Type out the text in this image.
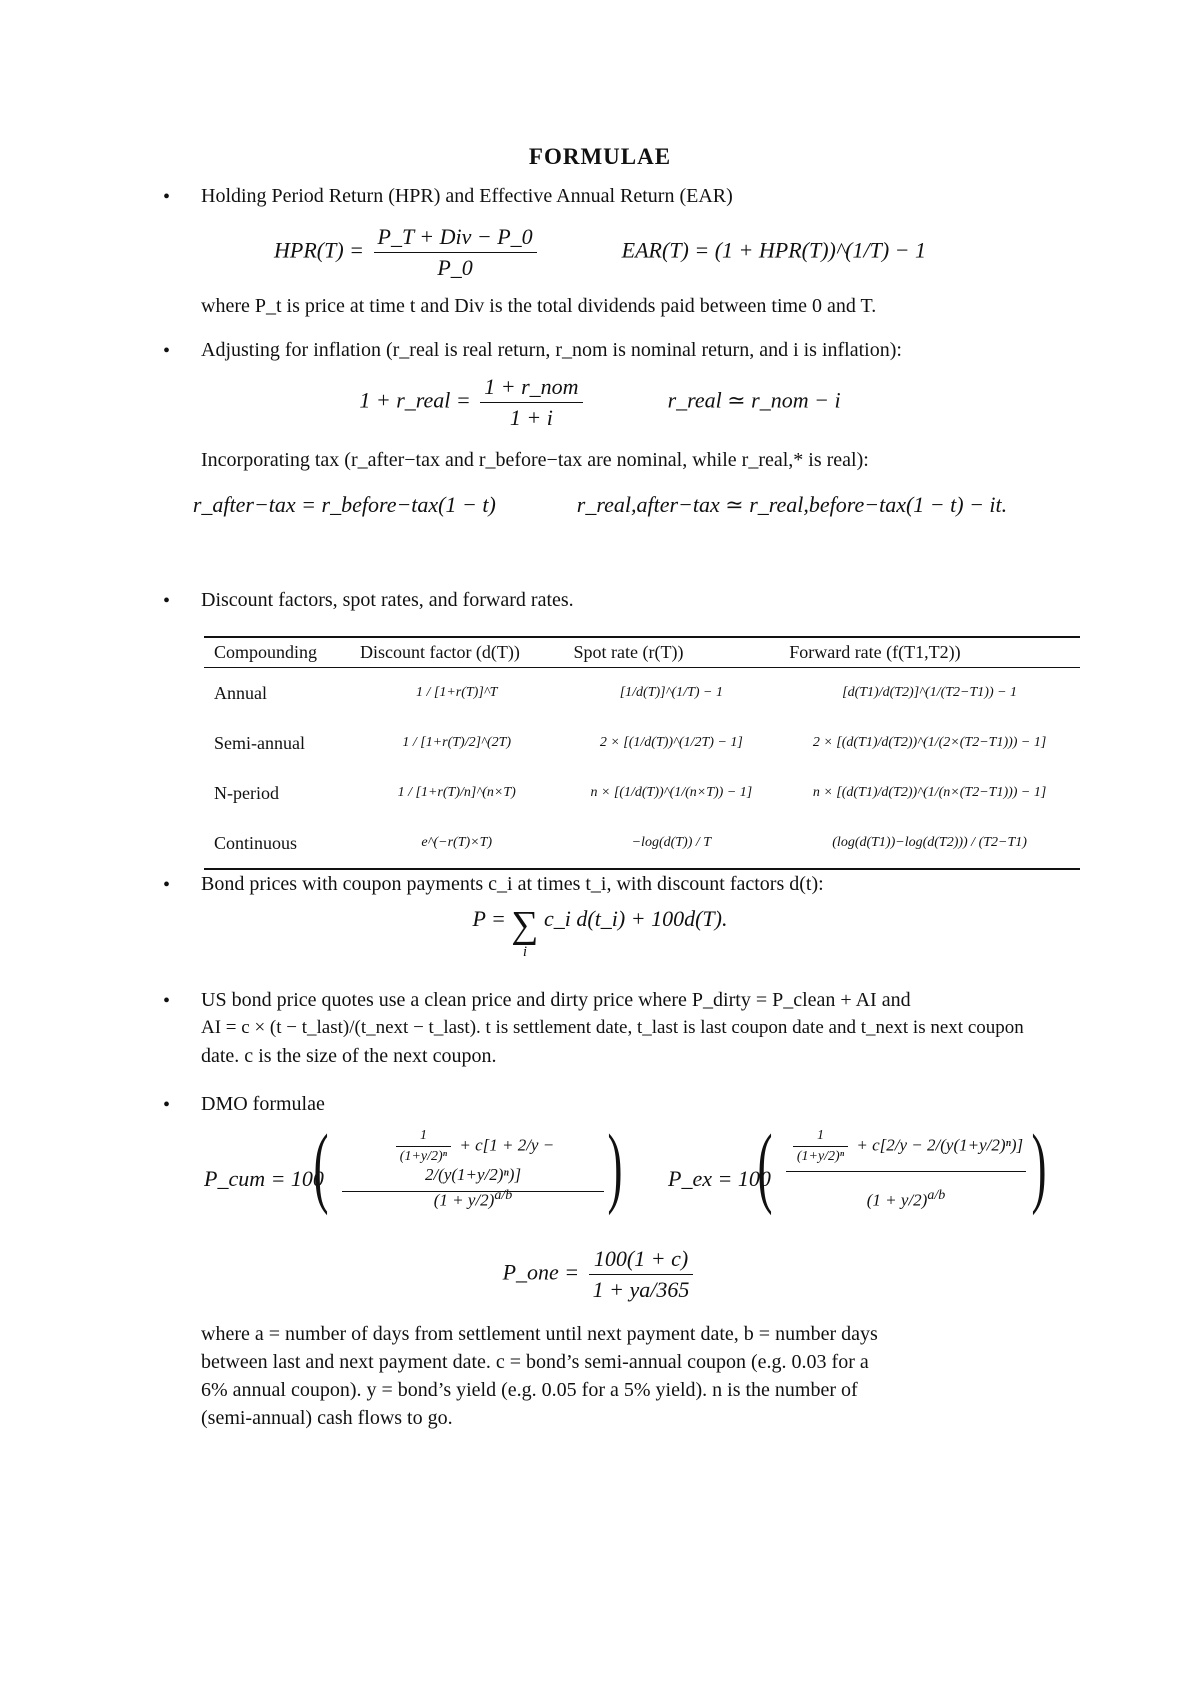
FORMULAE
• Holding Period Return (HPR) and Effective Annual Return (EAR)
$HPR(T) = \frac{\text{P\_T + Div − P\_0}}{P\_0}$	EAR(T) = (1 + HPR(T))^(1/T) − 1
where P_t is price at time t and Div is the total dividends paid between time 0 and T.
• Adjusting for inflation (r_real is real return, r_nom is nominal return, and i is inflation):
1 + r_real = $\frac{\text{1 + r\_nom}}{1 + i}$	r_real ≃ r_nom − i
Incorporating tax (r_after−tax and r_before−tax are nominal, while r_real,* is real):
r_after−tax = r_before−tax(1 − t)	r_real,after−tax ≃ r_real,before−tax(1 − t) − it.
• Discount factors, spot rates, and forward rates.
Compounding	Discount factor (d(T))	Spot rate (r(T))	Forward rate (f(T1,T2))
Annual	1 / [1+r(T)]^T	[1/d(T)]^(1/T) − 1	[d(T1)/d(T2)]^(1/(T2−T1)) − 1
Semi-annual	1 / [1+r(T)/2]^(2T)	2 × [(1/d(T))^(1/2T) − 1]	2 × [(d(T1)/d(T2))^(1/(2×(T2−T1))) − 1]
N-period	1 / [1+r(T)/n]^(n×T)	n × [(1/d(T))^(1/(n×T)) − 1]	n × [(d(T1)/d(T2))^(1/(n×(T2−T1))) − 1]
Continuous	e^(−r(T)×T)	−log(d(T)) / T	(log(d(T1))−log(d(T2))) / (T2−T1)
• Bond prices with coupon payments c_i at times t_i, with discount factors d(t):
P = ∑
i
c_i d(t_i) + 100d(T).
• US bond price quotes use a clean price and dirty price where P_dirty = P_clean + AI and
AI = c × (t − t_last)/(t_next − t_last). t is settlement date, t_last is last coupon date and t_next is next coupon
date. c is the size of the next coupon.
• DMO formulae
P_cum = 100
(	$\frac{1}{\text{(1+y/2)ⁿ}} + c[1 + 2/y - 2/(y(1+y/2)^n)]$
$(1 + y/2)^{a/b}$	) P_ex = 100
( $\frac{1}{\text{(1+y/2)ⁿ}} + c[2/y - 2/(y(1+y/2)^n)]$
$(1 + y/2)^{a/b}$ )
P_one = $\frac{100(1 + c)}{1 + ya/365}$
where a = number of days from settlement until next payment date, b = number days
between last and next payment date. c = bond’s semi-annual coupon (e.g. 0.03 for a
6% annual coupon). y = bond’s yield (e.g. 0.05 for a 5% yield). n is the number of
(semi-annual) cash flows to go.
